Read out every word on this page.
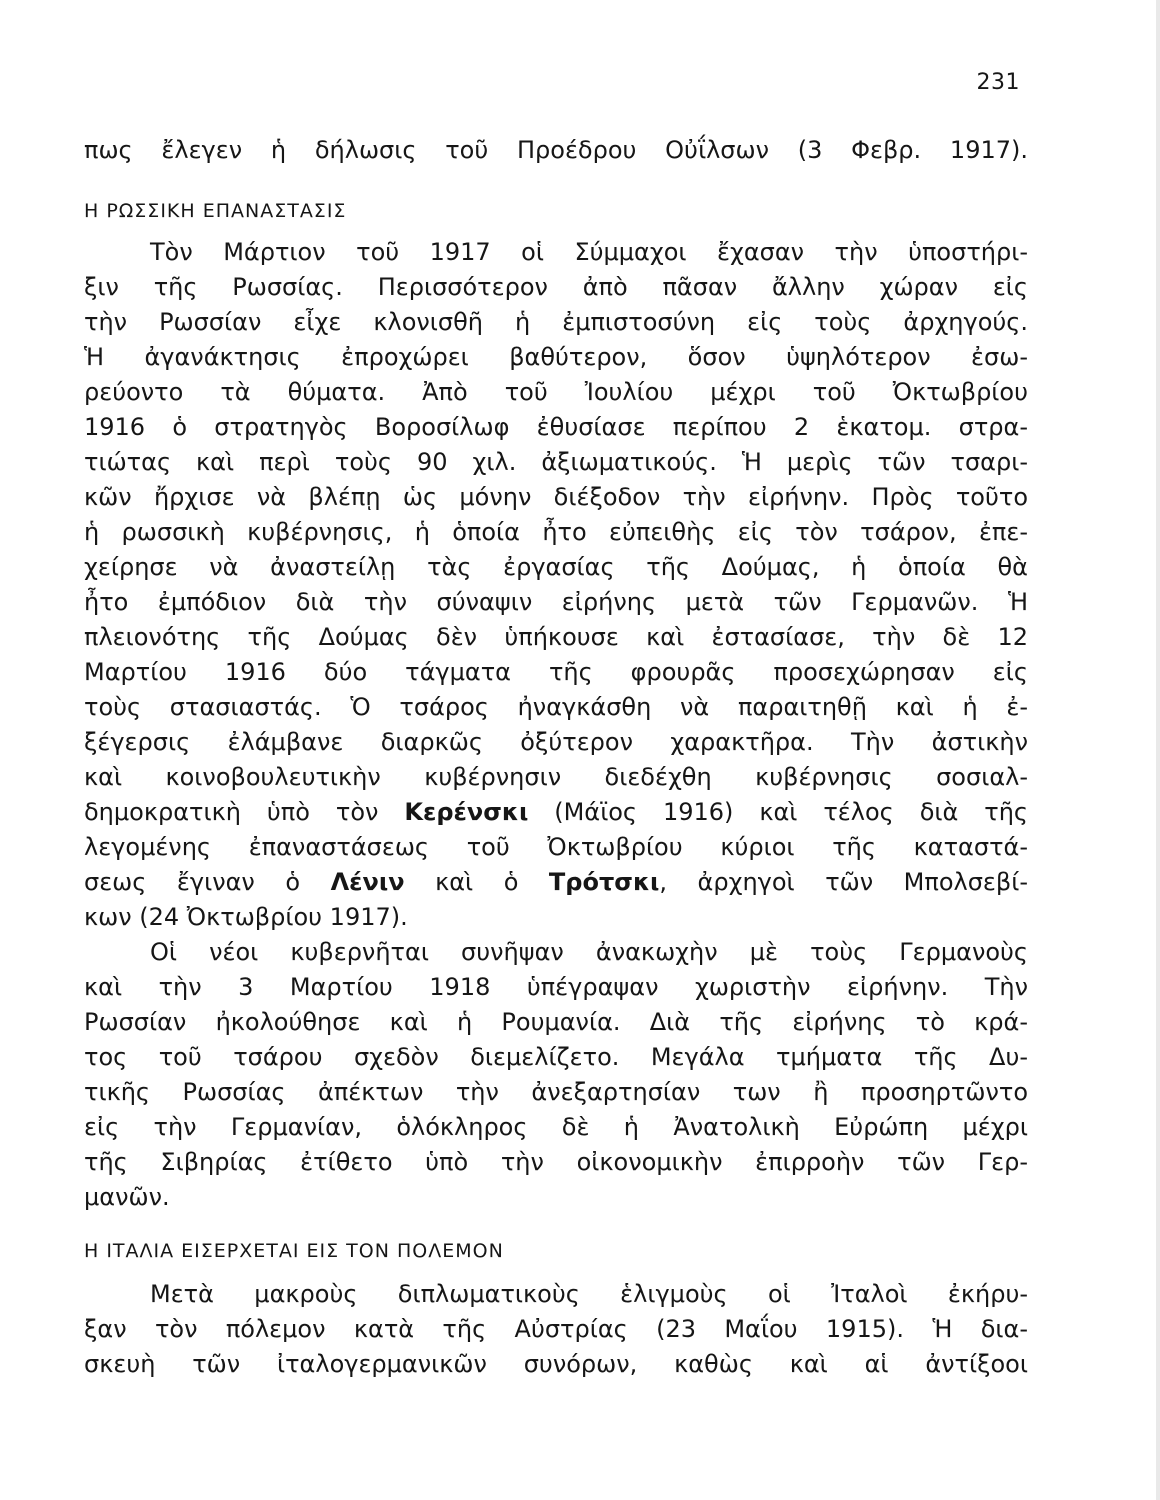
231
πως ἔλεγεν ἡ δήλωσις τοῦ Προέδρου Οὐΐλσων (3 Φεβρ. 1917).
Η ΡΩΣΣΙΚΗ ΕΠΑΝΑΣΤΑΣΙΣ
Τὸν Μάρτιον τοῦ 1917 οἱ Σύμμαχοι ἔχασαν τὴν ὑποστήρι-
ξιν τῆς Ρωσσίας. Περισσότερον ἀπὸ πᾶσαν ἄλλην χώραν εἰς
τὴν Ρωσσίαν εἶχε κλονισθῆ ἡ ἐμπιστοσύνη εἰς τοὺς ἀρχηγούς.
Ἡ ἀγανάκτησις ἐπροχώρει βαθύτερον, ὅσον ὑψηλότερον ἐσω-
ρεύοντο τὰ θύματα. Ἀπὸ τοῦ Ἰουλίου μέχρι τοῦ Ὀκτωβρίου
1916 ὁ στρατηγὸς Βοροσίλωφ ἐθυσίασε περίπου 2 ἑκατομ. στρα-
τιώτας καὶ περὶ τοὺς 90 χιλ. ἀξιωματικούς. Ἡ μερὶς τῶν τσαρι-
κῶν ἤρχισε νὰ βλέπῃ ὡς μόνην διέξοδον τὴν εἰρήνην. Πρὸς τοῦτο
ἡ ρωσσικὴ κυβέρνησις, ἡ ὁποία ἦτο εὐπειθὴς εἰς τὸν τσάρον, ἐπε-
χείρησε νὰ ἀναστείλῃ τὰς ἐργασίας τῆς Δούμας, ἡ ὁποία θὰ
ἦτο ἐμπόδιον διὰ τὴν σύναψιν εἰρήνης μετὰ τῶν Γερμανῶν. Ἡ
πλειονότης τῆς Δούμας δὲν ὑπήκουσε καὶ ἐστασίασε, τὴν δὲ 12
Μαρτίου 1916 δύο τάγματα τῆς φρουρᾶς προσεχώρησαν εἰς
τοὺς στασιαστάς. Ὁ τσάρος ἠναγκάσθη νὰ παραιτηθῇ καὶ ἡ ἐ-
ξέγερσις ἐλάμβανε διαρκῶς ὀξύτερον χαρακτῆρα. Τὴν ἀστικὴν
καὶ κοινοβουλευτικὴν κυβέρνησιν διεδέχθη κυβέρνησις σοσιαλ-
δημοκρατικὴ ὑπὸ τὸν Κερένσκι (Μάϊος 1916) καὶ τέλος διὰ τῆς
λεγομένης ἐπαναστάσεως τοῦ Ὀκτωβρίου κύριοι τῆς καταστά-
σεως ἔγιναν ὁ Λένιν καὶ ὁ Τρότσκι, ἀρχηγοὶ τῶν Μπολσεβί-
κων (24 Ὀκτωβρίου 1917).
Οἱ νέοι κυβερνῆται συνῆψαν ἀνακωχὴν μὲ τοὺς Γερμανοὺς
καὶ τὴν 3 Μαρτίου 1918 ὑπέγραψαν χωριστὴν εἰρήνην. Τὴν
Ρωσσίαν ἠκολούθησε καὶ ἡ Ρουμανία. Διὰ τῆς εἰρήνης τὸ κρά-
τος τοῦ τσάρου σχεδὸν διεμελίζετο. Μεγάλα τμήματα τῆς Δυ-
τικῆς Ρωσσίας ἀπέκτων τὴν ἀνεξαρτησίαν των ἢ προσηρτῶντο
εἰς τὴν Γερμανίαν, ὁλόκληρος δὲ ἡ Ἀνατολικὴ Εὐρώπη μέχρι
τῆς Σιβηρίας ἐτίθετο ὑπὸ τὴν οἰκονομικὴν ἐπιρροὴν τῶν Γερ-
μανῶν.
Η ΙΤΑΛΙΑ ΕΙΣΕΡΧΕΤΑΙ ΕΙΣ ΤΟΝ ΠΟΛΕΜΟΝ
Μετὰ μακροὺς διπλωματικοὺς ἑλιγμοὺς οἱ Ἰταλοὶ ἐκήρυ-
ξαν τὸν πόλεμον κατὰ τῆς Αὐστρίας (23 Μαΐου 1915). Ἡ δια-
σκευὴ τῶν ἰταλογερμανικῶν συνόρων, καθὼς καὶ αἱ ἀντίξοοι
